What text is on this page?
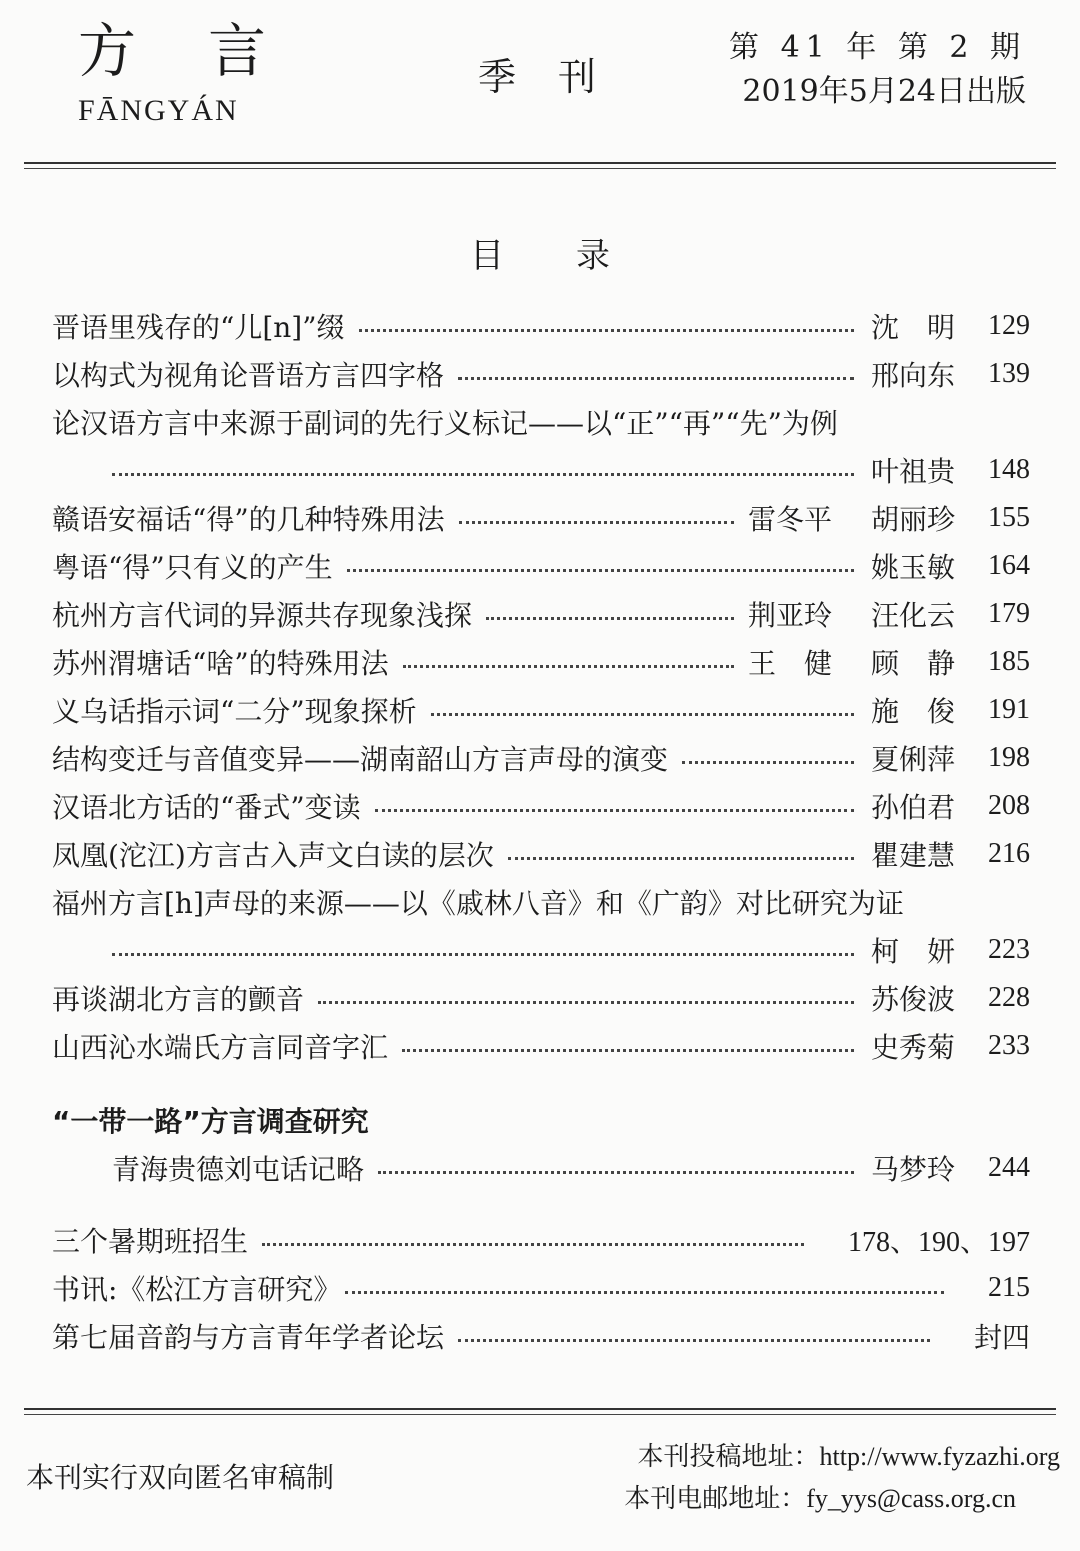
方言
FĀNGYÁN
季刊
第 41 年 第 2 期
2019年5月24日出版
目录
晋语里残存的“儿[n]”缀	沈　明	129
以构式为视角论晋语方言四字格	邢向东	139
论汉语方言中来源于副词的先行义标记——以“正”“再”“先”为例
叶祖贵	148
赣语安福话“得”的几种特殊用法	雷冬平 胡丽珍	155
粤语“得”只有义的产生	姚玉敏	164
杭州方言代词的异源共存现象浅探	荆亚玲 汪化云	179
苏州渭塘话“啥”的特殊用法	王　健 顾　静	185
义乌话指示词“二分”现象探析	施　俊	191
结构变迁与音值变异——湖南韶山方言声母的演变	夏俐萍	198
汉语北方话的“番式”变读	孙伯君	208
凤凰(沱江)方言古入声文白读的层次	瞿建慧	216
福州方言[h]声母的来源——以《戚林八音》和《广韵》对比研究为证
柯　妍	223
再谈湖北方言的颤音	苏俊波	228
山西沁水端氏方言同音字汇	史秀菊	233
“一带一路”方言调查研究
青海贵德刘屯话记略	马梦玲	244
三个暑期班招生	178、190、197
书讯:《松江方言研究》	215
第七届音韵与方言青年学者论坛	封四
本刊实行双向匿名审稿制
本刊投稿地址：http://www.fyzazhi.org
本刊电邮地址：fy_yys@cass.org.cn
